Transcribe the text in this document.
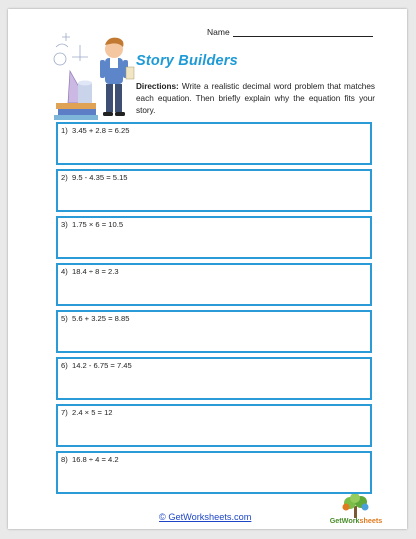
Name
Story Builders
Directions: Write a realistic decimal word problem that matches each equation. Then briefly explain why the equation fits your story.
1) 3.45 + 2.8 = 6.25
2) 9.5 - 4.35 = 5.15
3) 1.75 × 6 = 10.5
4) 18.4 ÷ 8 = 2.3
5) 5.6 + 3.25 = 8.85
6) 14.2 - 6.75 = 7.45
7) 2.4 × 5 = 12
8) 16.8 ÷ 4 = 4.2
© GetWorksheets.com	GetWorksheets
